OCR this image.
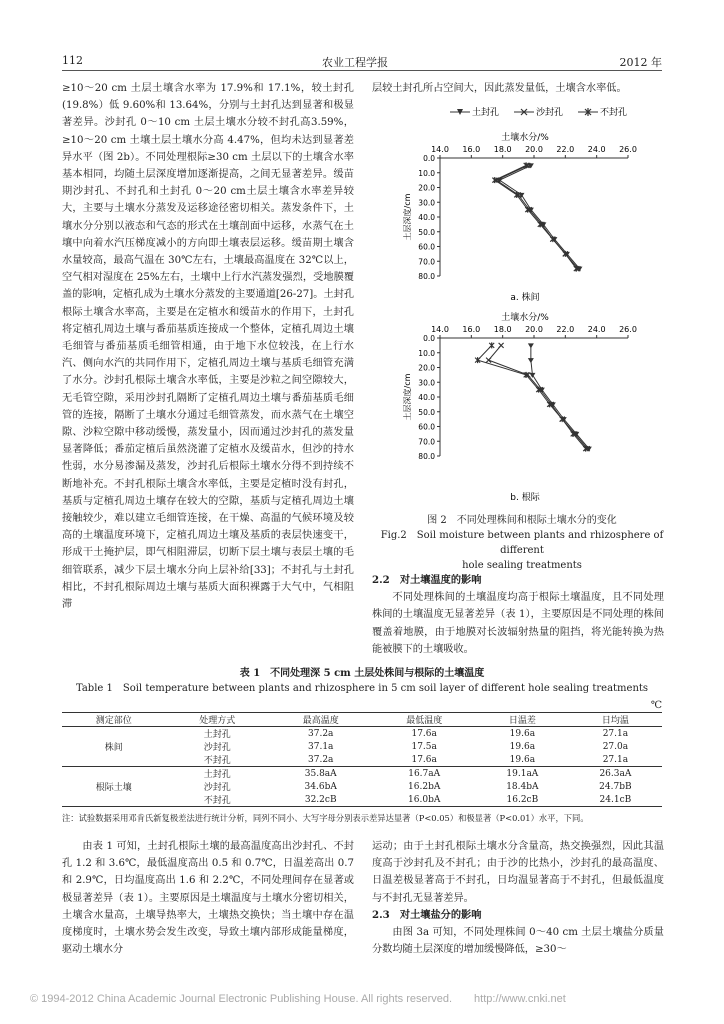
112	农业工程学报	2012 年

≥10～20 cm 土层土壤含水率为 17.9%和 17.1%，较土封孔(19.8%）低 9.60%和 13.64%，分别与土封孔达到显著和极显著差异。沙封孔 0～10 cm 土层土壤水分较不封孔高3.59%，≥10～20 cm 土壤土层土壤水分高 4.47%，但均未达到显著差异水平（图 2b）。不同处理根际≥30 cm 土层以下的土壤含水率基本相同，均随土层深度增加逐渐提高，之间无显著差异。缓苗期沙封孔、不封孔和土封孔 0～20 cm土层土壤含水率差异较大，主要与土壤水分蒸发及运移途径密切相关。蒸发条件下，土壤水分分别以液态和气态的形式在土壤剖面中运移，水蒸气在土壤中向着水汽压梯度减小的方向即土壤表层运移。缓苗期土壤含水量较高，最高气温在 30℃左右，土壤最高温度在 32℃以上，空气相对湿度在 25%左右，土壤中上行水汽蒸发强烈，受地膜覆盖的影响，定植孔成为土壤水分蒸发的主要通道[26-27]。土封孔根际土壤含水率高，主要是在定植水和缓苗水的作用下，土封孔将定植孔周边土壤与番茄基质连接成一个整体，定植孔周边土壤毛细管与番茄基质毛细管相通，由于地下水位较浅，在上行水汽、侧向水汽的共同作用下，定植孔周边土壤与基质毛细管充满了水分。沙封孔根际土壤含水率低，主要是沙粒之间空隙较大，无毛管空隙，采用沙封孔隔断了定植孔周边土壤与番茄基质毛细管的连接，隔断了土壤水分通过毛细管蒸发，而水蒸气在土壤空隙、沙粒空隙中移动缓慢，蒸发量小，因而通过沙封孔的蒸发量显著降低；番茄定植后虽然浇灌了定植水及缓苗水，但沙的持水性弱，水分易渗漏及蒸发，沙封孔后根际土壤水分得不到持续不断地补充。不封孔根际土壤含水率低，主要是定植时没有封孔，基质与定植孔周边土壤存在较大的空隙，基质与定植孔周边土壤接触较少，难以建立毛细管连接，在干燥、高温的气候环境及较高的土壤温度环境下，定植孔周边土壤及基质的表层快速变干，形成干土掩护层，即气相阻滞层，切断下层土壤与表层土壤的毛细管联系，减少下层土壤水分向上层补给[33]；不封孔与土封孔相比，不封孔根际周边土壤与基质大面积裸露于大气中，气相阻滞

层较土封孔所占空间大，因此蒸发量低，土壤含水率低。

土封孔	沙封孔	不封孔
土壤水分/%
a. 株间
14.0 16.0 18.0 20.0 22.0 24.0 26.0
0.0
10.0
20.0
30.0
40.0
50.0
60.0
70.0
80.0
土层深度/cm
土壤水分/%
b. 根际
14.0 16.0 18.0 20.0 22.0 24.0 26.0
0.0
10.0
20.0
30.0
40.0
50.0
60.0
70.0
80.0
土层深度/cm
图 2　不同处理株间和根际土壤水分的变化
Fig.2　Soil moisture between plants and rhizosphere of different
hole sealing treatments

2.2　对土壤温度的影响

不同处理株间的土壤温度均高于根际土壤温度，且不同处理株间的土壤温度无显著差异（表 1），主要原因是不同处理的株间覆盖着地膜，由于地膜对长波辐射热量的阻挡，将光能转换为热能被膜下的土壤吸收。

表 1　不同处理深 5 cm 土层处株间与根际的土壤温度
Table 1　Soil temperature between plants and rhizosphere in 5 cm soil layer of different hole sealing treatments
℃
测定部位	处理方式	最高温度	最低温度	日温差	日均温
株间	土封孔	37.2a	17.6a	19.6a	27.1a
	沙封孔	37.1a	17.5a	19.6a	27.0a
	不封孔	37.2a	17.6a	19.6a	27.1a
根际土壤	土封孔	35.8aA	16.7aA	19.1aA	26.3aA
	沙封孔	34.6bA	16.2bA	18.4bA	24.7bB
	不封孔	32.2cB	16.0bA	16.2cB	24.1cB
注：试验数据采用邓肯氏新复极差法进行统计分析，同列不同小、大写字母分别表示差异达显著（P<0.05）和极显著（P<0.01）水平，下同。

由表 1 可知，土封孔根际土壤的最高温度高出沙封孔、不封孔 1.2 和 3.6℃，最低温度高出 0.5 和 0.7℃，日温差高出 0.7 和 2.9℃，日均温度高出 1.6 和 2.2℃，不同处理间存在显著或极显著差异（表 1）。主要原因是土壤温度与土壤水分密切相关，土壤含水量高，土壤导热率大，土壤热交换快；当土壤中存在温度梯度时，土壤水势会发生改变，导致土壤内部形成能量梯度，驱动土壤水分

运动；由于土封孔根际土壤水分含量高，热交换强烈，因此其温度高于沙封孔及不封孔；由于沙的比热小，沙封孔的最高温度、日温差极显著高于不封孔，日均温显著高于不封孔，但最低温度与不封孔无显著差异。

2.3　对土壤盐分的影响

由图 3a 可知，不同处理株间 0～40 cm 土层土壤盐分质量分数均随土层深度的增加缓慢降低，≥30～

© 1994-2012 China Academic Journal Electronic Publishing House. All rights reserved.　　http://www.cnki.net
